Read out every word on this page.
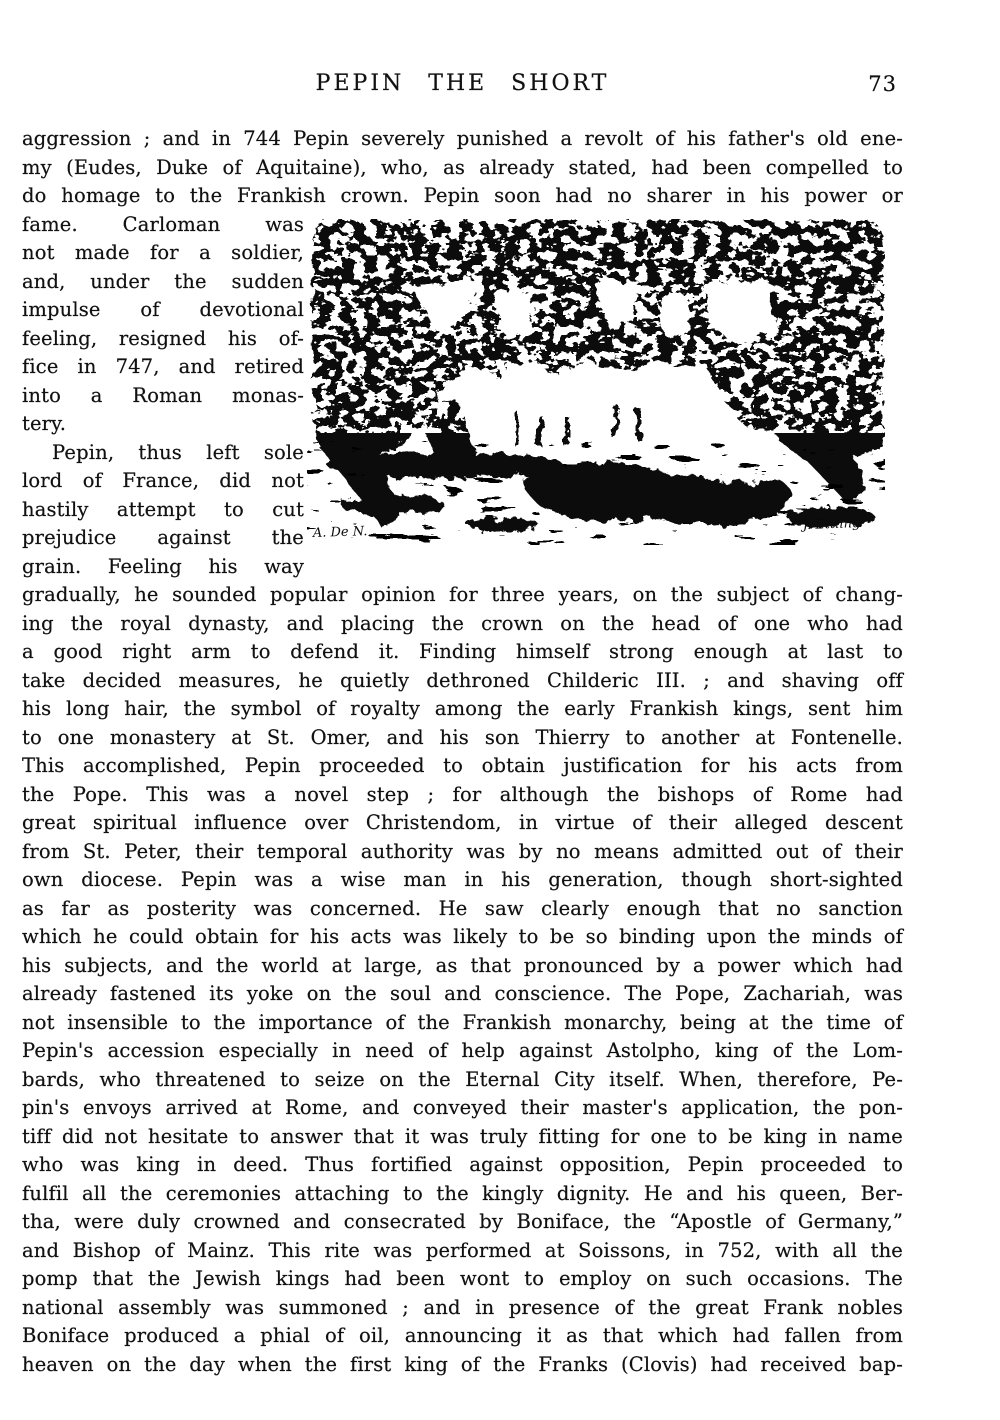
PEPIN THE SHORT	73
aggression ; and in 744 Pepin severely punished a revolt of his father's old ene-
my (Eudes, Duke of Aquitaine), who, as already stated, had been compelled to
do homage to the Frankish crown. Pepin soon had no sharer in his power or
fame. Carloman was
not made for a soldier,
and, under the sudden
impulse of devotional
feeling, resigned his of-
fice in 747, and retired
into a Roman monas-
tery.
Pepin, thus left sole
lord of France, did not
hastily attempt to cut
prejudice against the
grain. Feeling his way
A. De N.	J. Ettling
gradually, he sounded popular opinion for three years, on the subject of chang-
ing the royal dynasty, and placing the crown on the head of one who had
a good right arm to defend it. Finding himself strong enough at last to
take decided measures, he quietly dethroned Childeric III. ; and shaving off
his long hair, the symbol of royalty among the early Frankish kings, sent him
to one monastery at St. Omer, and his son Thierry to another at Fontenelle.
This accomplished, Pepin proceeded to obtain justification for his acts from
the Pope. This was a novel step ; for although the bishops of Rome had
great spiritual influence over Christendom, in virtue of their alleged descent
from St. Peter, their temporal authority was by no means admitted out of their
own diocese. Pepin was a wise man in his generation, though short-sighted
as far as posterity was concerned. He saw clearly enough that no sanction
which he could obtain for his acts was likely to be so binding upon the minds of
his subjects, and the world at large, as that pronounced by a power which had
already fastened its yoke on the soul and conscience. The Pope, Zachariah, was
not insensible to the importance of the Frankish monarchy, being at the time of
Pepin's accession especially in need of help against Astolpho, king of the Lom-
bards, who threatened to seize on the Eternal City itself. When, therefore, Pe-
pin's envoys arrived at Rome, and conveyed their master's application, the pon-
tiff did not hesitate to answer that it was truly fitting for one to be king in name
who was king in deed. Thus fortified against opposition, Pepin proceeded to
fulfil all the ceremonies attaching to the kingly dignity. He and his queen, Ber-
tha, were duly crowned and consecrated by Boniface, the “Apostle of Germany,”
and Bishop of Mainz. This rite was performed at Soissons, in 752, with all the
pomp that the Jewish kings had been wont to employ on such occasions. The
national assembly was summoned ; and in presence of the great Frank nobles
Boniface produced a phial of oil, announcing it as that which had fallen from
heaven on the day when the first king of the Franks (Clovis) had received bap-
